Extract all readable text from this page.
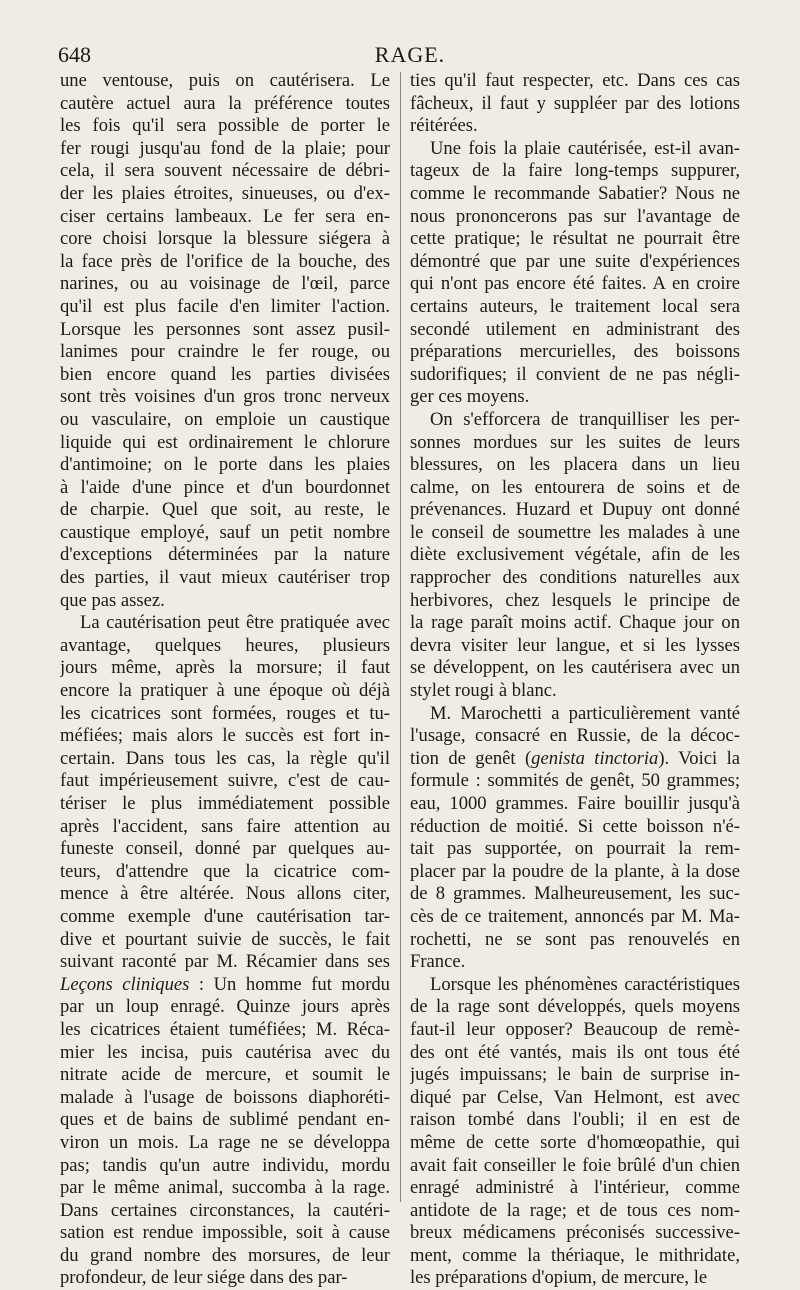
648	RAGE.

une ventouse, puis on cautérisera. Le
cautère actuel aura la préférence toutes
les fois qu'il sera possible de porter le
fer rougi jusqu'au fond de la plaie; pour
cela, il sera souvent nécessaire de débri-
der les plaies étroites, sinueuses, ou d'ex-
ciser certains lambeaux. Le fer sera en-
core choisi lorsque la blessure siégera à
la face près de l'orifice de la bouche, des
narines, ou au voisinage de l'œil, parce
qu'il est plus facile d'en limiter l'action.
Lorsque les personnes sont assez pusil-
lanimes pour craindre le fer rouge, ou
bien encore quand les parties divisées
sont très voisines d'un gros tronc nerveux
ou vasculaire, on emploie un caustique
liquide qui est ordinairement le chlorure
d'antimoine; on le porte dans les plaies
à l'aide d'une pince et d'un bourdonnet
de charpie. Quel que soit, au reste, le
caustique employé, sauf un petit nombre
d'exceptions déterminées par la nature
des parties, il vaut mieux cautériser trop
que pas assez.

La cautérisation peut être pratiquée avec
avantage, quelques heures, plusieurs
jours même, après la morsure; il faut
encore la pratiquer à une époque où déjà
les cicatrices sont formées, rouges et tu-
méfiées; mais alors le succès est fort in-
certain. Dans tous les cas, la règle qu'il
faut impérieusement suivre, c'est de cau-
tériser le plus immédiatement possible
après l'accident, sans faire attention au
funeste conseil, donné par quelques au-
teurs, d'attendre que la cicatrice com-
mence à être altérée. Nous allons citer,
comme exemple d'une cautérisation tar-
dive et pourtant suivie de succès, le fait
suivant raconté par M. Récamier dans ses
Leçons cliniques : Un homme fut mordu
par un loup enragé. Quinze jours après
les cicatrices étaient tuméfiées; M. Réca-
mier les incisa, puis cautérisa avec du
nitrate acide de mercure, et soumit le
malade à l'usage de boissons diaphoréti-
ques et de bains de sublimé pendant en-
viron un mois. La rage ne se développa
pas; tandis qu'un autre individu, mordu
par le même animal, succomba à la rage.
Dans certaines circonstances, la cautéri-
sation est rendue impossible, soit à cause
du grand nombre des morsures, de leur
profondeur, de leur siége dans des par-

ties qu'il faut respecter, etc. Dans ces cas
fâcheux, il faut y suppléer par des lotions
réitérées.

Une fois la plaie cautérisée, est-il avan-
tageux de la faire long-temps suppurer,
comme le recommande Sabatier? Nous ne
nous prononcerons pas sur l'avantage de
cette pratique; le résultat ne pourrait être
démontré que par une suite d'expériences
qui n'ont pas encore été faites. A en croire
certains auteurs, le traitement local sera
secondé utilement en administrant des
préparations mercurielles, des boissons
sudorifiques; il convient de ne pas négli-
ger ces moyens.

On s'efforcera de tranquilliser les per-
sonnes mordues sur les suites de leurs
blessures, on les placera dans un lieu
calme, on les entourera de soins et de
prévenances. Huzard et Dupuy ont donné
le conseil de soumettre les malades à une
diète exclusivement végétale, afin de les
rapprocher des conditions naturelles aux
herbivores, chez lesquels le principe de
la rage paraît moins actif. Chaque jour on
devra visiter leur langue, et si les lysses
se développent, on les cautérisera avec un
stylet rougi à blanc.

M. Marochetti a particulièrement vanté
l'usage, consacré en Russie, de la décoc-
tion de genêt (genista tinctoria). Voici la
formule : sommités de genêt, 50 grammes;
eau, 1000 grammes. Faire bouillir jusqu'à
réduction de moitié. Si cette boisson n'é-
tait pas supportée, on pourrait la rem-
placer par la poudre de la plante, à la dose
de 8 grammes. Malheureusement, les suc-
cès de ce traitement, annoncés par M. Ma-
rochetti, ne se sont pas renouvelés en
France.

Lorsque les phénomènes caractéristiques
de la rage sont développés, quels moyens
faut-il leur opposer? Beaucoup de remè-
des ont été vantés, mais ils ont tous été
jugés impuissans; le bain de surprise in-
diqué par Celse, Van Helmont, est avec
raison tombé dans l'oubli; il en est de
même de cette sorte d'homœopathie, qui
avait fait conseiller le foie brûlé d'un chien
enragé administré à l'intérieur, comme
antidote de la rage; et de tous ces nom-
breux médicamens préconisés successive-
ment, comme la thériaque, le mithridate,
les préparations d'opium, de mercure, le
